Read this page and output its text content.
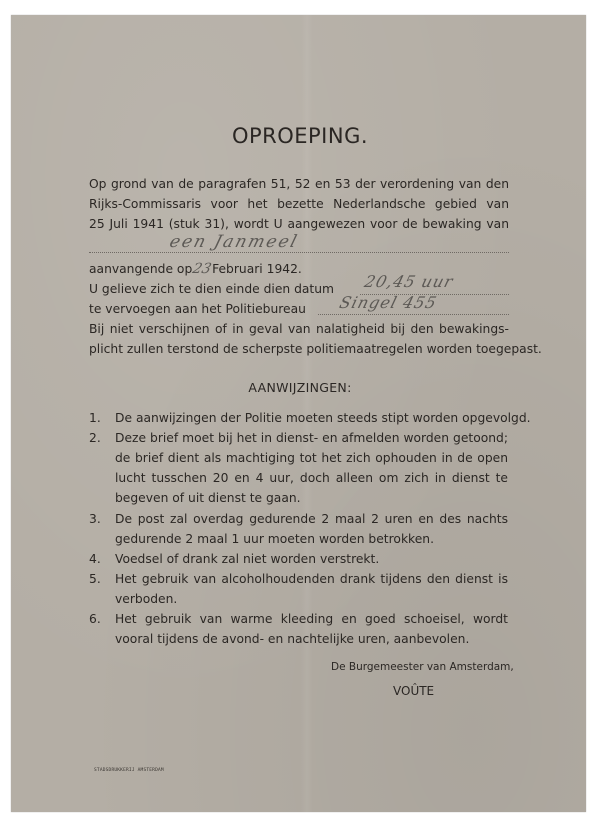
OPROEPING.
Op grond van de paragrafen 51, 52 en 53 der verordening van den
Rijks-Commissaris voor het bezette Nederlandsche gebied van
25 Juli 1941 (stuk 31), wordt U aangewezen voor de bewaking van
een Janmeel
aanvangende op23Februari 1942.
U gelieve zich te dien einde dien datum 20,45 uur
te vervoegen aan het Politiebureau Singel 455
Bij niet verschijnen of in geval van nalatigheid bij den bewakings-
plicht zullen terstond de scherpste politiemaatregelen worden toegepast.
AANWIJZINGEN:
1. De aanwijzingen der Politie moeten steeds stipt worden opgevolgd.
2. Deze brief moet bij het in dienst- en afmelden worden getoond;
de brief dient als machtiging tot het zich ophouden in de open
lucht tusschen 20 en 4 uur, doch alleen om zich in dienst te
begeven of uit dienst te gaan.
3. De post zal overdag gedurende 2 maal 2 uren en des nachts
gedurende 2 maal 1 uur moeten worden betrokken.
4. Voedsel of drank zal niet worden verstrekt.
5. Het gebruik van alcoholhoudenden drank tijdens den dienst is
verboden.
6. Het gebruik van warme kleeding en goed schoeisel, wordt
vooral tijdens de avond- en nachtelijke uren, aanbevolen.
De Burgemeester van Amsterdam,
VOÛTE
STADSDRUKKERIJ AMSTERDAM
